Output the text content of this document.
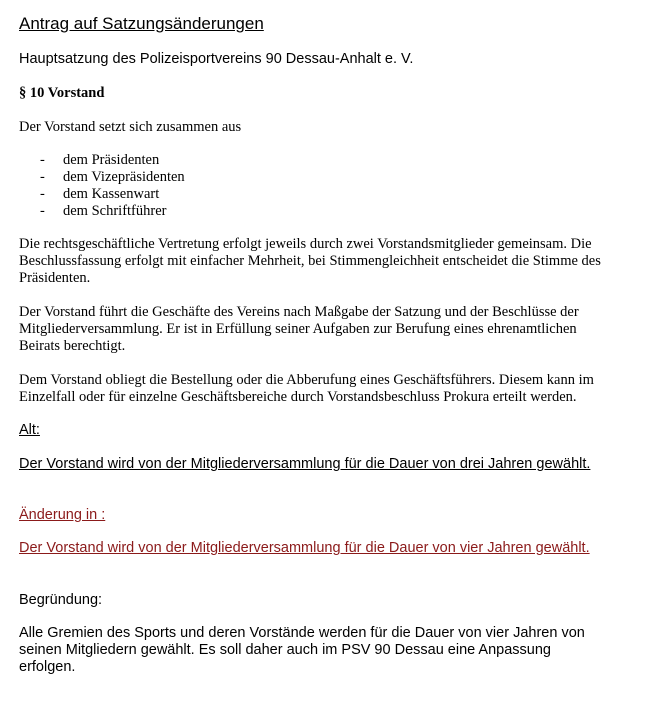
Antrag auf Satzungsänderungen
Hauptsatzung des Polizeisportvereins 90 Dessau-Anhalt e. V.
§ 10 Vorstand
Der Vorstand setzt sich zusammen aus
- dem Präsidenten
- dem Vizepräsidenten
- dem Kassenwart
- dem Schriftführer
Die rechtsgeschäftliche Vertretung erfolgt jeweils durch zwei Vorstandsmitglieder gemeinsam. Die Beschlussfassung erfolgt mit einfacher Mehrheit, bei Stimmengleichheit entscheidet die Stimme des Präsidenten.
Der Vorstand führt die Geschäfte des Vereins nach Maßgabe der Satzung und der Beschlüsse der Mitgliederversammlung. Er ist in Erfüllung seiner Aufgaben zur Berufung eines ehrenamtlichen Beirats berechtigt.
Dem Vorstand obliegt die Bestellung oder die Abberufung eines Geschäftsführers. Diesem kann im Einzelfall oder für einzelne Geschäftsbereiche durch Vorstandsbeschluss Prokura erteilt werden.
Alt:
Der Vorstand wird von der Mitgliederversammlung für die Dauer von drei Jahren gewählt.
Änderung in :
Der Vorstand wird von der Mitgliederversammlung für die Dauer von vier Jahren gewählt.
Begründung:
Alle Gremien des Sports und deren Vorstände werden für die Dauer von vier Jahren von seinen Mitgliedern gewählt. Es soll daher auch im PSV 90 Dessau eine Anpassung erfolgen.
